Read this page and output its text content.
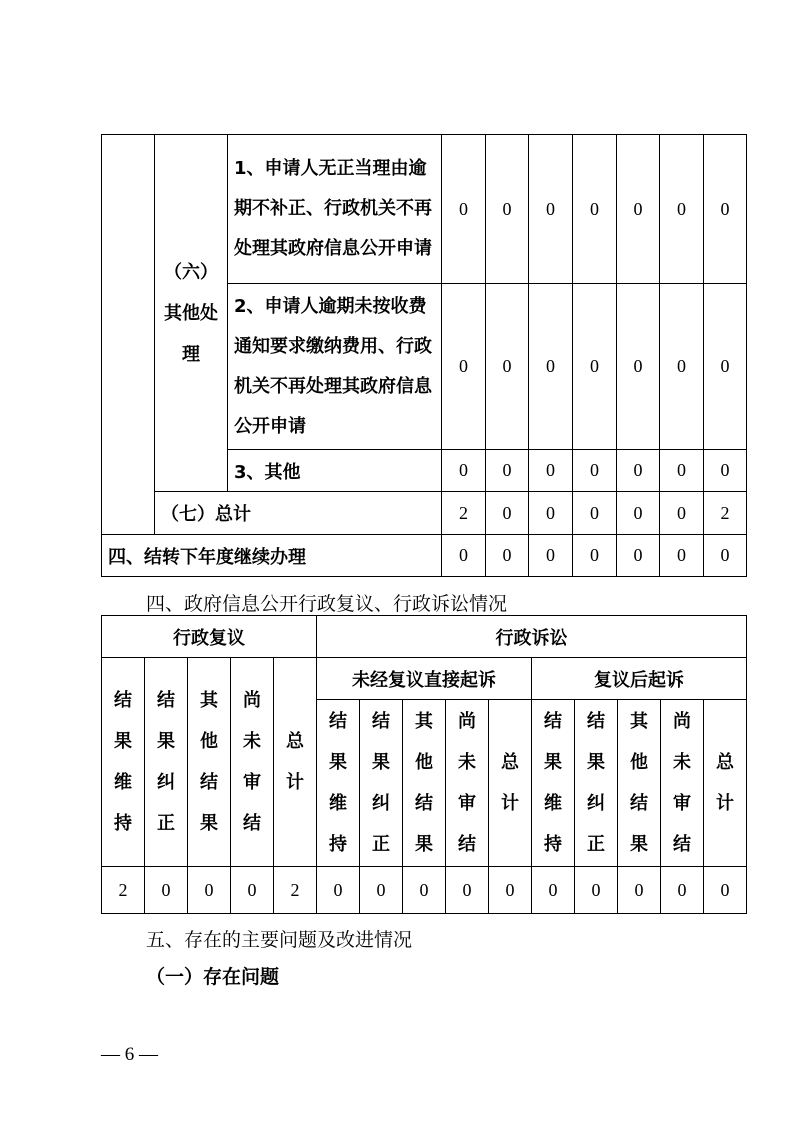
	（六）其他处理	1、申请人无正当理由逾期不补正、行政机关不再处理其政府信息公开申请	0	0	0	0	0	0	0
		2、申请人逾期未按收费通知要求缴纳费用、行政机关不再处理其政府信息公开申请	0	0	0	0	0	0	0
		3、其他	0	0	0	0	0	0	0
	（七）总计		2	0	0	0	0	0	2
四、结转下年度继续办理			0	0	0	0	0	0	0
四、政府信息公开行政复议、行政诉讼情况
行政复议					行政诉讼									
结果维持	结果纠正	其他结果	尚未审结	总计	未经复议直接起诉					复议后起诉				
					结果维持	结果纠正	其他结果	尚未审结	总计	结果维持	结果纠正	其他结果	尚未审结	总计
2	0	0	0	2	0	0	0	0	0	0	0	0	0	0
五、存在的主要问题及改进情况
（一）存在问题
— 6 —
